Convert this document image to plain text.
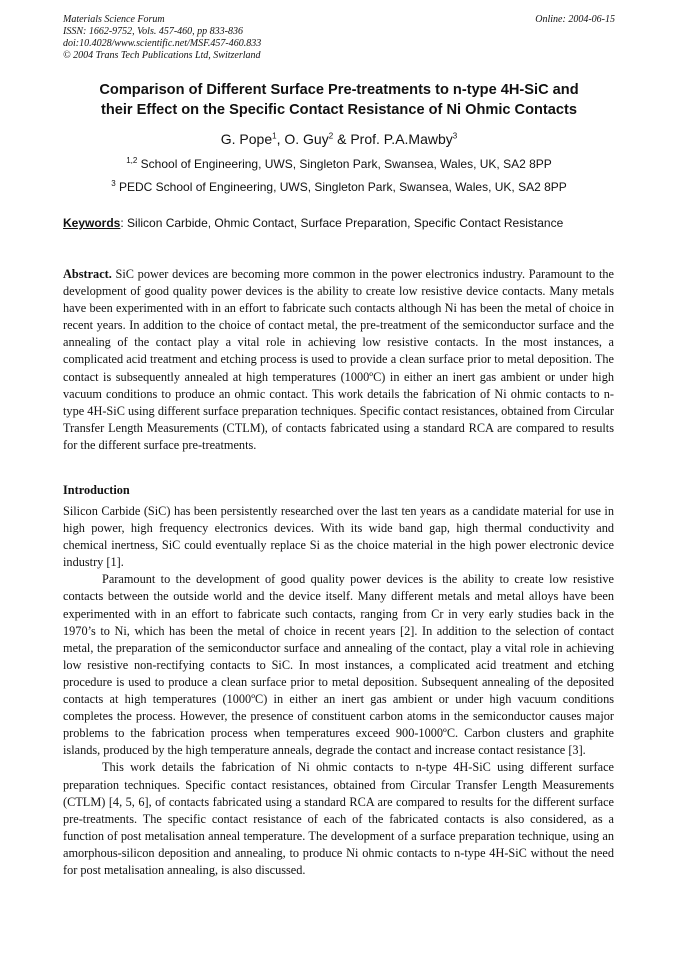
Materials Science Forum
ISSN: 1662-9752, Vols. 457-460, pp 833-836
doi:10.4028/www.scientific.net/MSF.457-460.833
© 2004 Trans Tech Publications Ltd, Switzerland
Online: 2004-06-15
Comparison of Different Surface Pre-treatments to n-type 4H-SiC and
their Effect on the Specific Contact Resistance of Ni Ohmic Contacts
G. Pope$^1$, O. Guy$^2$ & Prof. P.A.Mawby$^3$
$^{1,2}$ School of Engineering, UWS, Singleton Park, Swansea, Wales, UK, SA2 8PP
$^3$ PEDC School of Engineering, UWS, Singleton Park, Swansea, Wales, UK, SA2 8PP
Keywords: Silicon Carbide, Ohmic Contact, Surface Preparation, Specific Contact Resistance

Abstract. SiC power devices are becoming more common in the power electronics industry. Paramount to the development of good quality power devices is the ability to create low resistive device contacts. Many metals have been experimented with in an effort to fabricate such contacts although Ni has been the metal of choice in recent years. In addition to the choice of contact metal, the pre-treatment of the semiconductor surface and the annealing of the contact play a vital role in achieving low resistive contacts. In the most instances, a complicated acid treatment and etching process is used to provide a clean surface prior to metal deposition. The contact is subsequently annealed at high temperatures (1000ºC) in either an inert gas ambient or under high vacuum conditions to produce an ohmic contact. This work details the fabrication of Ni ohmic contacts to n-type 4H-SiC using different surface preparation techniques. Specific contact resistances, obtained from Circular Transfer Length Measurements (CTLM), of contacts fabricated using a standard RCA are compared to results for the different surface pre-treatments.

Introduction

Silicon Carbide (SiC) has been persistently researched over the last ten years as a candidate material for use in high power, high frequency electronics devices. With its wide band gap, high thermal conductivity and chemical inertness, SiC could eventually replace Si as the choice material in the high power electronic device industry [1].

Paramount to the development of good quality power devices is the ability to create low resistive contacts between the outside world and the device itself. Many different metals and metal alloys have been experimented with in an effort to fabricate such contacts, ranging from Cr in very early studies back in the 1970’s to Ni, which has been the metal of choice in recent years [2]. In addition to the selection of contact metal, the preparation of the semiconductor surface and annealing of the contact, play a vital role in achieving low resistive non-rectifying contacts to SiC. In most instances, a complicated acid treatment and etching procedure is used to produce a clean surface prior to metal deposition. Subsequent annealing of the deposited contacts at high temperatures (1000ºC) in either an inert gas ambient or under high vacuum conditions completes the process. However, the presence of constituent carbon atoms in the semiconductor causes major problems to the fabrication process when temperatures exceed 900-1000ºC. Carbon clusters and graphite islands, produced by the high temperature anneals, degrade the contact and increase contact resistance [3].

This work details the fabrication of Ni ohmic contacts to n-type 4H-SiC using different surface preparation techniques. Specific contact resistances, obtained from Circular Transfer Length Measurements (CTLM) [4, 5, 6], of contacts fabricated using a standard RCA are compared to results for the different surface pre-treatments. The specific contact resistance of each of the fabricated contacts is also considered, as a function of post metalisation anneal temperature. The development of a surface preparation technique, using an amorphous-silicon deposition and annealing, to produce Ni ohmic contacts to n-type 4H-SiC without the need for post metalisation annealing, is also discussed.
